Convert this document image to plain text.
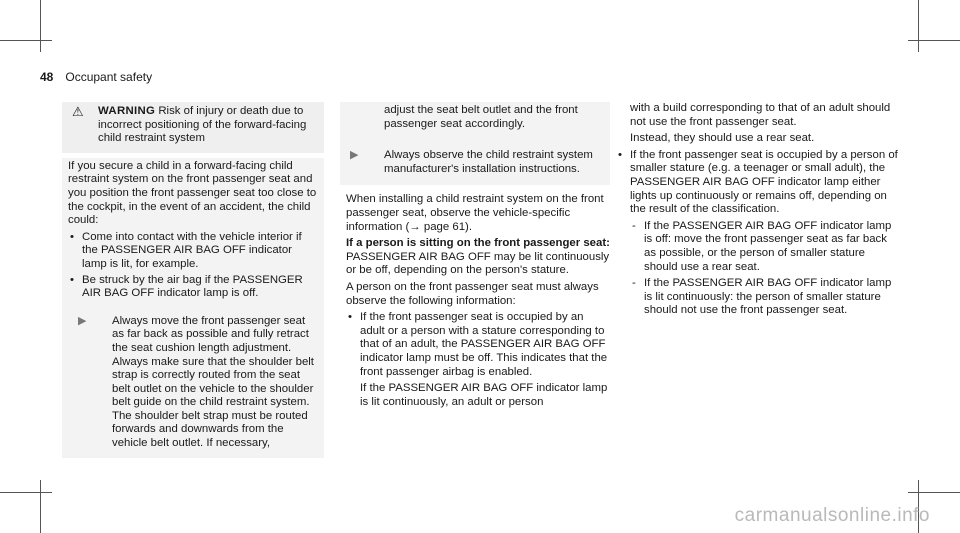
48 Occupant safety
⚠	WARNING Risk of injury or death due to incorrect positioning of the forward-facing child restraint system

If you secure a child in a forward-facing child restraint system on the front passenger seat and you position the front passenger seat too close to the cockpit, in the event of an accident, the child could:

• Come into contact with the vehicle interior if the PASSENGER AIR BAG OFF indicator lamp is lit, for example.
• Be struck by the air bag if the PASSENGER AIR BAG OFF indicator lamp is off.
▶	Always move the front passenger seat as far back as possible and fully retract the seat cushion length adjustment. Always make sure that the shoulder belt strap is correctly routed from the seat belt outlet on the vehicle to the shoulder belt guide on the child restraint system. The shoulder belt strap must be routed forwards and downwards from the vehicle belt outlet. If necessary,

adjust the seat belt outlet and the front passenger seat accordingly.

▶	Always observe the child restraint system manufacturer's installation instructions.

When installing a child restraint system on the front passenger seat, observe the vehicle-specific information (→ page 61).

If a person is sitting on the front passenger seat: PASSENGER AIR BAG OFF may be lit continuously or be off, depending on the person's stature.

A person on the front passenger seat must always observe the following information:

• If the front passenger seat is occupied by an adult or a person with a stature corresponding to that of an adult, the PASSENGER AIR BAG OFF indicator lamp must be off. This indicates that the front passenger airbag is enabled.

If the PASSENGER AIR BAG OFF indicator lamp is lit continuously, an adult or person

with a build corresponding to that of an adult should not use the front passenger seat.

Instead, they should use a rear seat.

• If the front passenger seat is occupied by a person of smaller stature (e.g. a teenager or small adult), the PASSENGER AIR BAG OFF indicator lamp either lights up continuously or remains off, depending on the result of the classification.

- If the PASSENGER AIR BAG OFF indicator lamp is off: move the front passenger seat as far back as possible, or the person of smaller stature should use a rear seat.
- If the PASSENGER AIR BAG OFF indicator lamp is lit continuously: the person of smaller stature should not use the front passenger seat.
carmanualsonline.info
